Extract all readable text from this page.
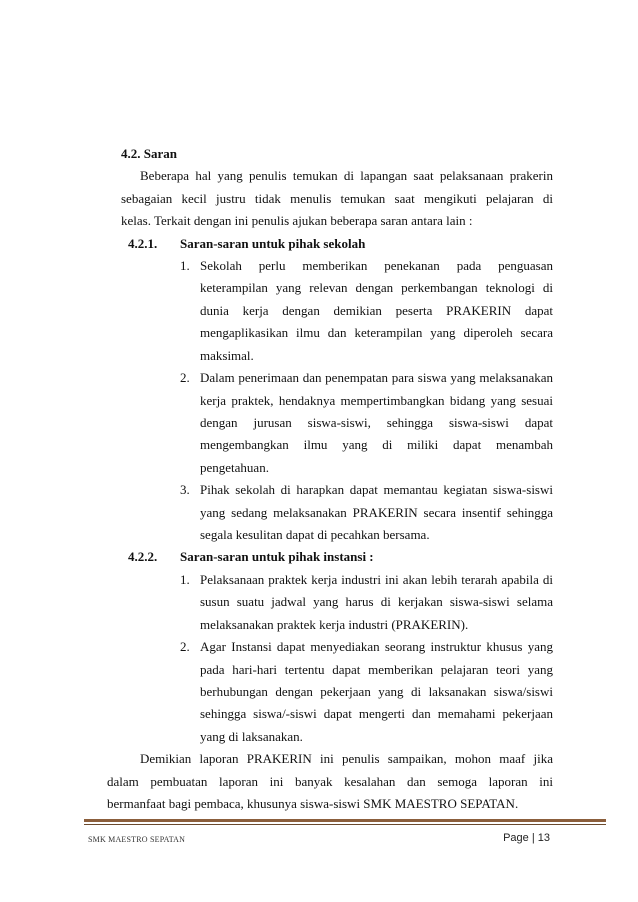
4.2. Saran

Beberapa hal yang penulis temukan di lapangan saat pelaksanaan prakerin

sebagaian kecil justru tidak menulis temukan saat mengikuti pelajaran di

kelas. Terkait dengan ini penulis ajukan beberapa saran antara lain :

4.2.1. Saran-saran untuk pihak sekolah

1. Sekolah perlu memberikan penekanan pada penguasan

keterampilan yang relevan dengan perkembangan teknologi di

dunia kerja dengan demikian peserta PRAKERIN dapat

mengaplikasikan ilmu dan keterampilan yang diperoleh secara

maksimal.

2. Dalam penerimaan dan penempatan para siswa yang melaksanakan

kerja praktek, hendaknya mempertimbangkan bidang yang sesuai

dengan jurusan siswa-siswi, sehingga siswa-siswi dapat

mengembangkan ilmu yang di miliki dapat menambah

pengetahuan.

3. Pihak sekolah di harapkan dapat memantau kegiatan siswa-siswi

yang sedang melaksanakan PRAKERIN secara insentif sehingga

segala kesulitan dapat di pecahkan bersama.

4.2.2. Saran-saran untuk pihak instansi :

1. Pelaksanaan praktek kerja industri ini akan lebih terarah apabila di

susun suatu jadwal yang harus di kerjakan siswa-siswi selama

melaksanakan praktek kerja industri (PRAKERIN).

2. Agar Instansi dapat menyediakan seorang instruktur khusus yang

pada hari-hari tertentu dapat memberikan pelajaran teori yang

berhubungan dengan pekerjaan yang di laksanakan siswa/siswi

sehingga siswa/-siswi dapat mengerti dan memahami pekerjaan

yang di laksanakan.

Demikian laporan PRAKERIN ini penulis sampaikan, mohon maaf jika

dalam pembuatan laporan ini banyak kesalahan dan semoga laporan ini

bermanfaat bagi pembaca, khusunya siswa-siswi SMK MAESTRO SEPATAN.

SMK MAESTRO SEPATAN	Page | 13
